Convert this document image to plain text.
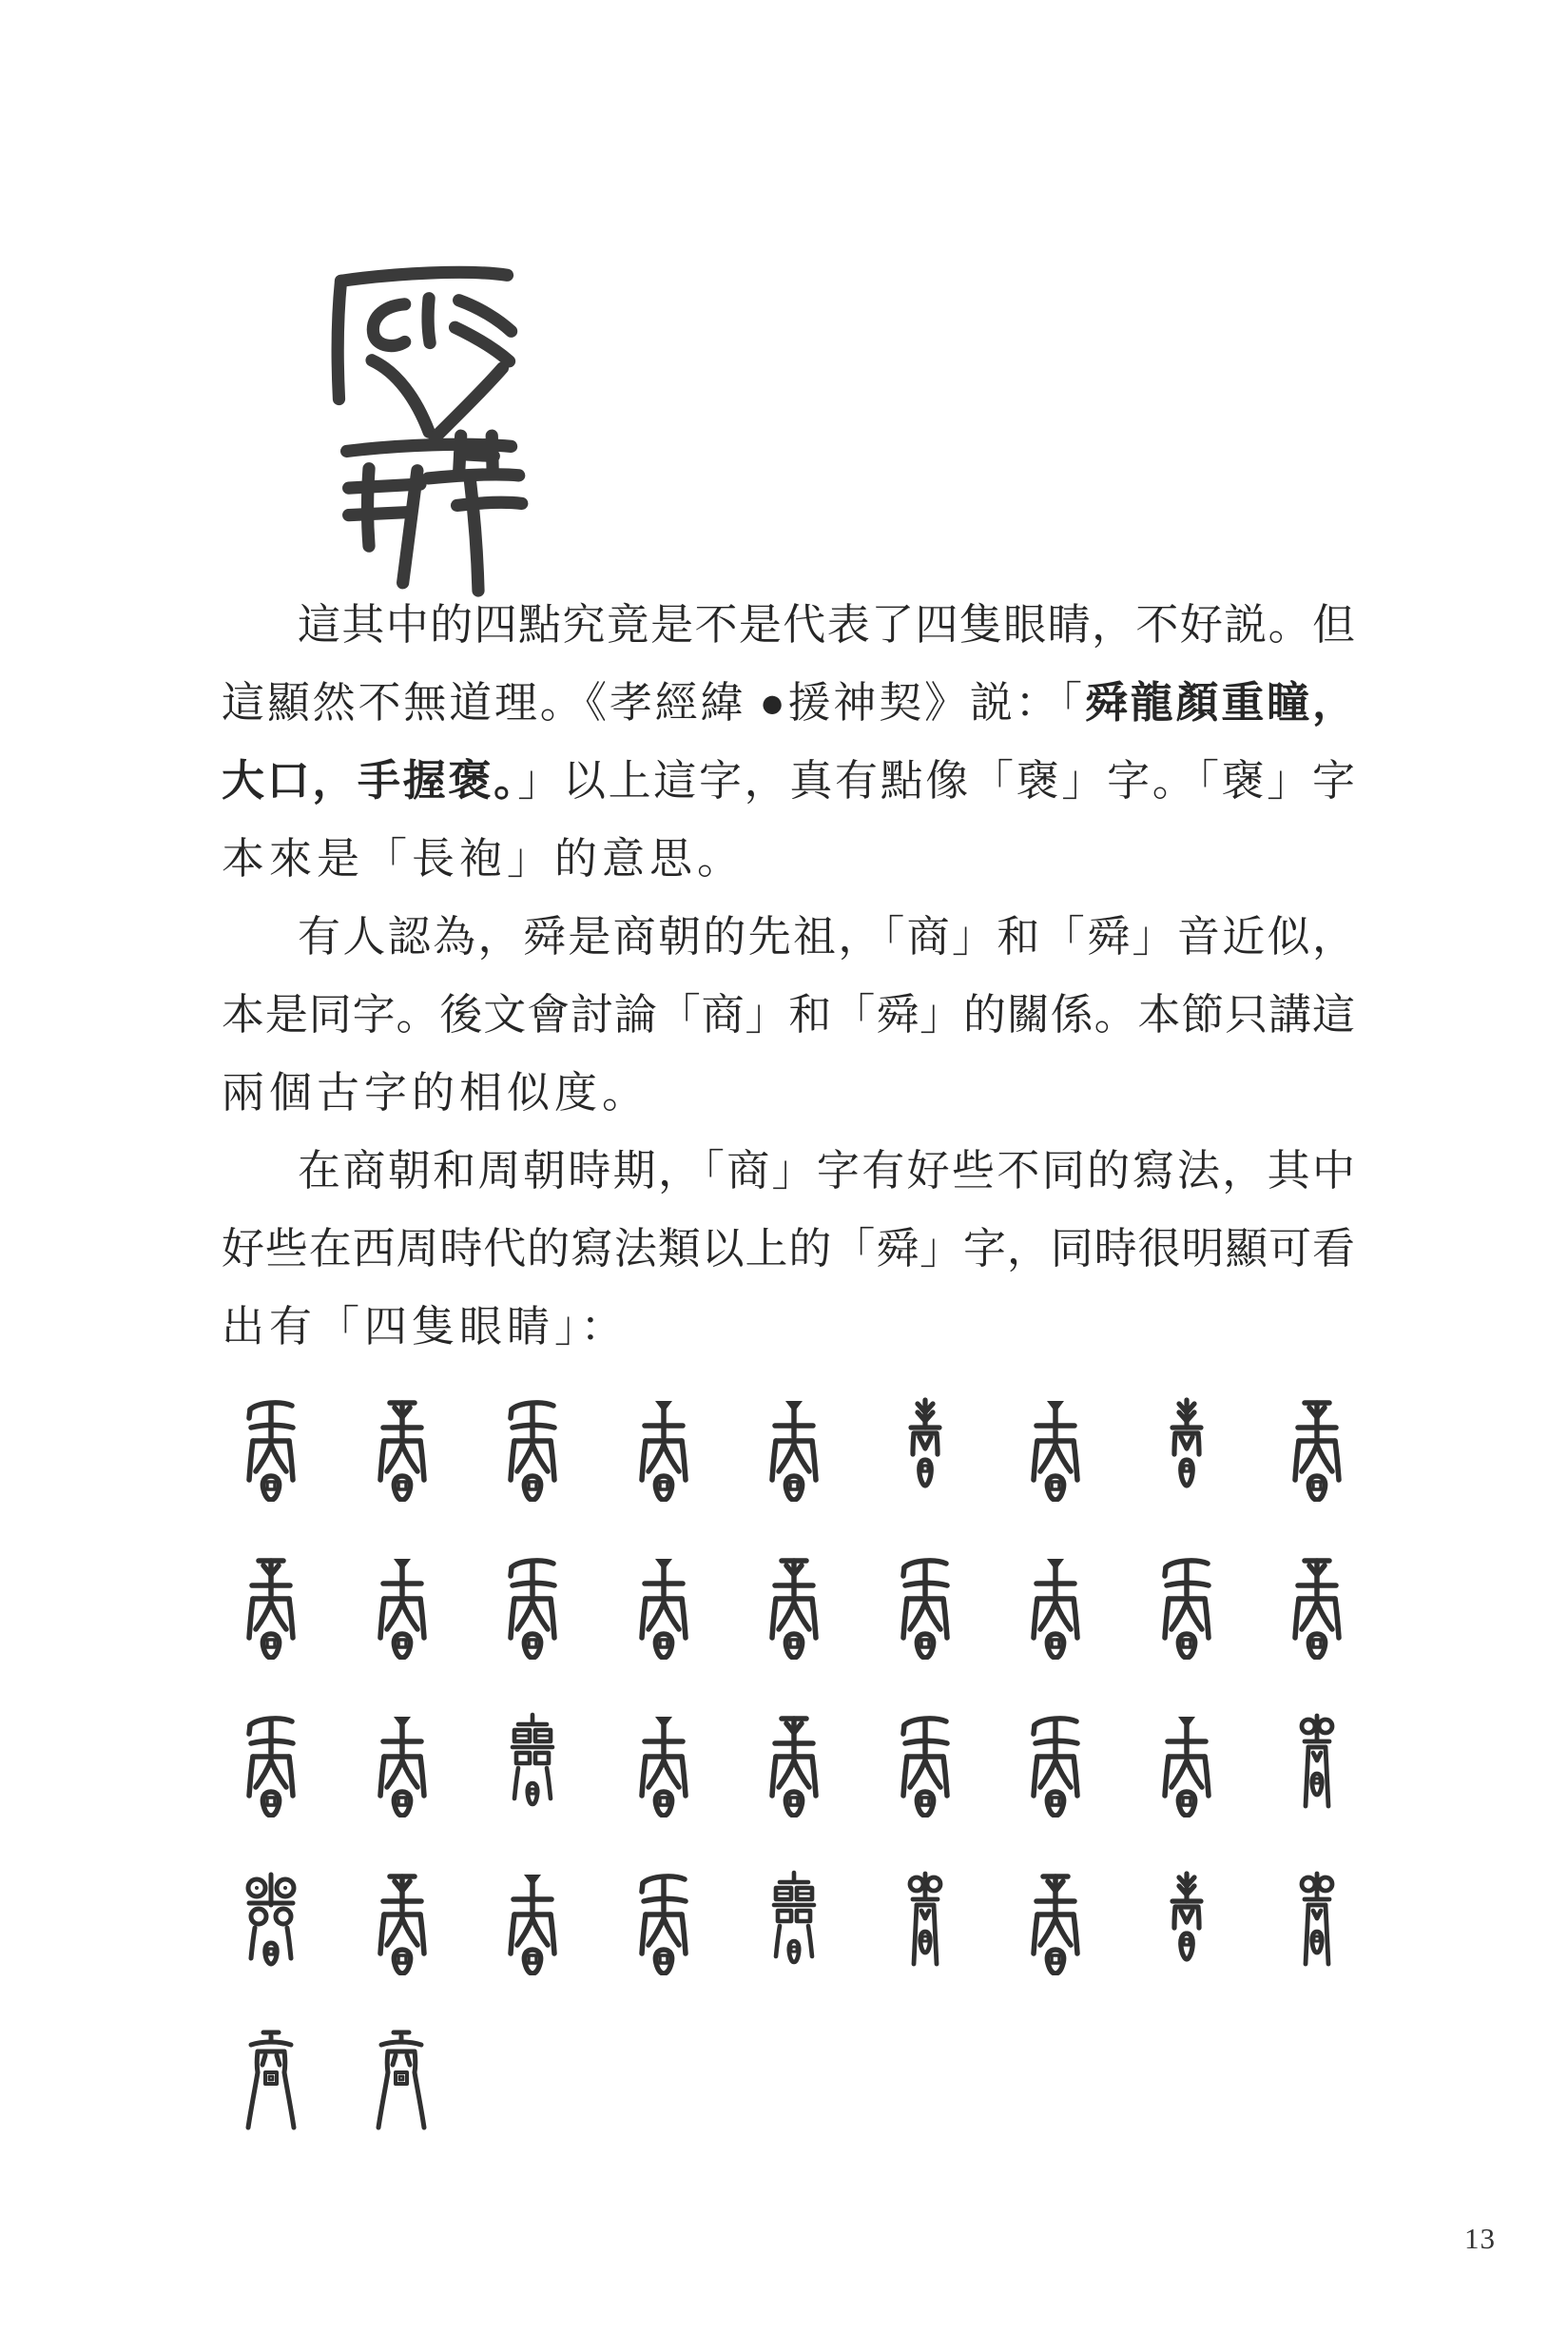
這其中的四點究竟是不是代表了四隻眼睛，不好説。但
這顯然不無道理。《孝經緯 ●援神契》説：「舜龍顏重瞳，
大口，手握褒。」以上這字，真有點像「襃」字。「襃」字
本來是「長袍」的意思。
有人認為，舜是商朝的先祖，「商」和「舜」音近似，
本是同字。後文會討論「商」和「舜」的關係。本節只講這
兩個古字的相似度。
在商朝和周朝時期，「商」字有好些不同的寫法，其中
好些在西周時代的寫法類以上的「舜」字，同時很明顯可看
出有「四隻眼睛」：
13
